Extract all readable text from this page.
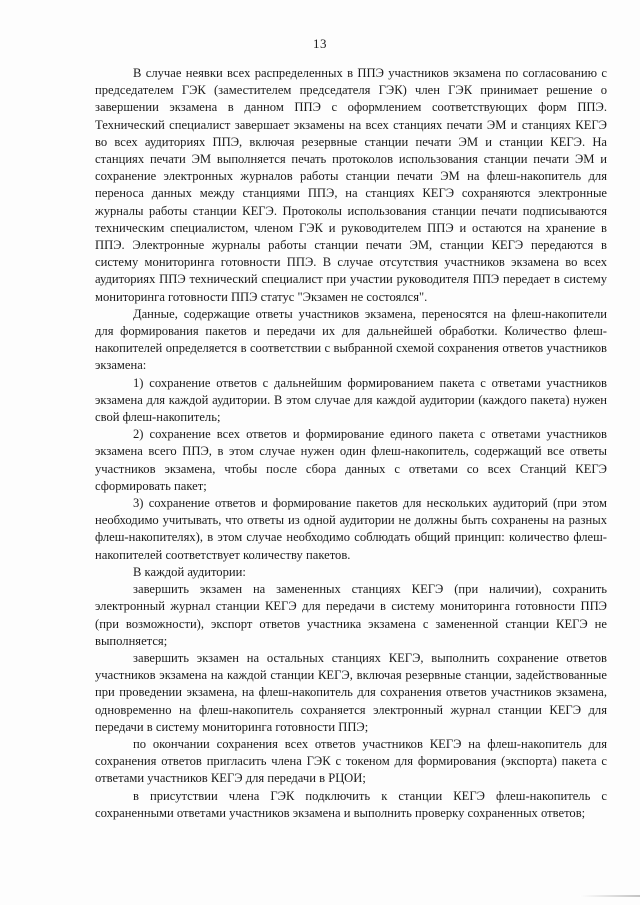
13

В случае неявки всех распределенных в ППЭ участников экзамена по согласованию с председателем ГЭК (заместителем председателя ГЭК) член ГЭК принимает решение о завершении экзамена в данном ППЭ с оформлением соответствующих форм ППЭ. Технический специалист завершает экзамены на всех станциях печати ЭМ и станциях КЕГЭ во всех аудиториях ППЭ, включая резервные станции печати ЭМ и станции КЕГЭ. На станциях печати ЭМ выполняется печать протоколов использования станции печати ЭМ и сохранение электронных журналов работы станции печати ЭМ на флеш-накопитель для переноса данных между станциями ППЭ, на станциях КЕГЭ сохраняются электронные журналы работы станции КЕГЭ. Протоколы использования станции печати подписываются техническим специалистом, членом ГЭК и руководителем ППЭ и остаются на хранение в ППЭ. Электронные журналы работы станции печати ЭМ, станции КЕГЭ передаются в систему мониторинга готовности ППЭ. В случае отсутствия участников экзамена во всех аудиториях ППЭ технический специалист при участии руководителя ППЭ передает в систему мониторинга готовности ППЭ статус "Экзамен не состоялся".

Данные, содержащие ответы участников экзамена, переносятся на флеш-накопители для формирования пакетов и передачи их для дальнейшей обработки. Количество флеш-накопителей определяется в соответствии с выбранной схемой сохранения ответов участников экзамена:

1) сохранение ответов с дальнейшим формированием пакета с ответами участников экзамена для каждой аудитории. В этом случае для каждой аудитории (каждого пакета) нужен свой флеш-накопитель;

2) сохранение всех ответов и формирование единого пакета с ответами участников экзамена всего ППЭ, в этом случае нужен один флеш-накопитель, содержащий все ответы участников экзамена, чтобы после сбора данных с ответами со всех Станций КЕГЭ сформировать пакет;

3) сохранение ответов и формирование пакетов для нескольких аудиторий (при этом необходимо учитывать, что ответы из одной аудитории не должны быть сохранены на разных флеш-накопителях), в этом случае необходимо соблюдать общий принцип: количество флеш-накопителей соответствует количеству пакетов.

В каждой аудитории:

завершить экзамен на замененных станциях КЕГЭ (при наличии), сохранить электронный журнал станции КЕГЭ для передачи в систему мониторинга готовности ППЭ (при возможности), экспорт ответов участника экзамена с замененной станции КЕГЭ не выполняется;

завершить экзамен на остальных станциях КЕГЭ, выполнить сохранение ответов участников экзамена на каждой станции КЕГЭ, включая резервные станции, задействованные при проведении экзамена, на флеш-накопитель для сохранения ответов участников экзамена, одновременно на флеш-накопитель сохраняется электронный журнал станции КЕГЭ для передачи в систему мониторинга готовности ППЭ;

по окончании сохранения всех ответов участников КЕГЭ на флеш-накопитель для сохранения ответов пригласить члена ГЭК с токеном для формирования (экспорта) пакета с ответами участников КЕГЭ для передачи в РЦОИ;

в присутствии члена ГЭК подключить к станции КЕГЭ флеш-накопитель с сохраненными ответами участников экзамена и выполнить проверку сохраненных ответов;
